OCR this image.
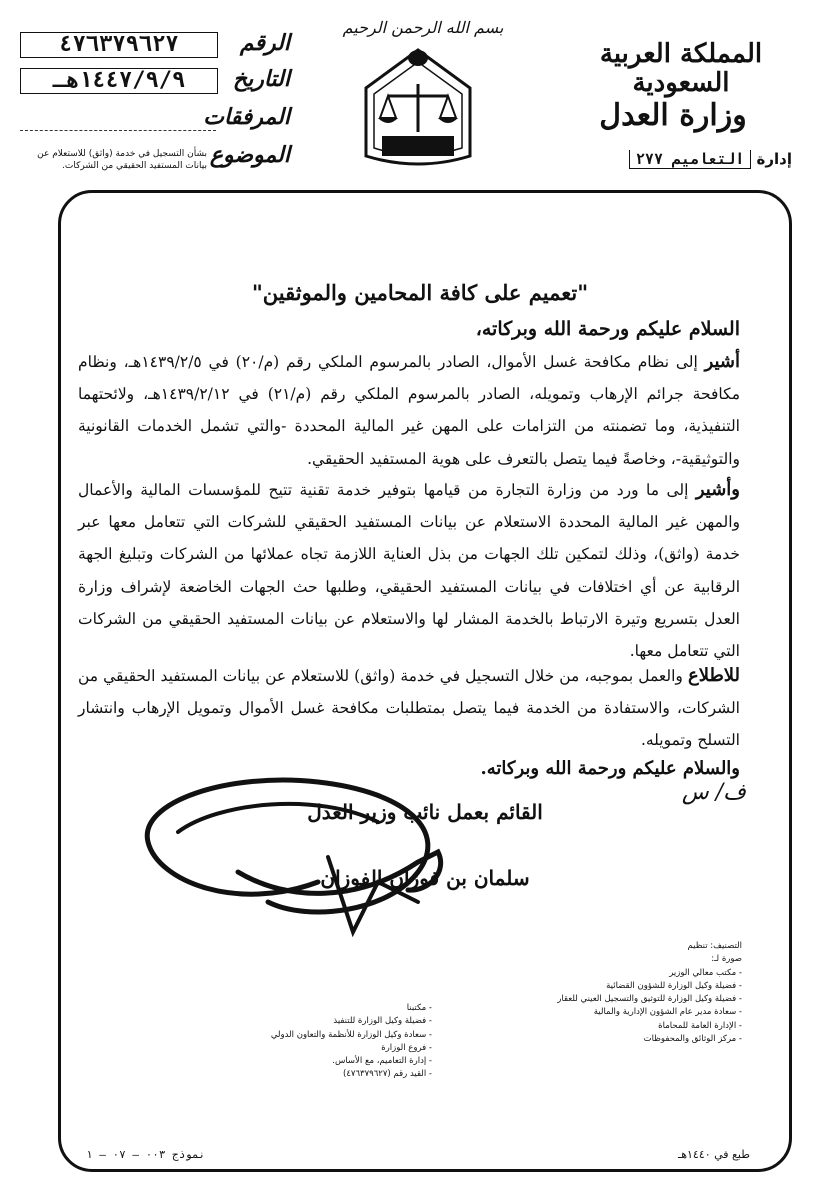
بسم الله الرحمن الرحيم
المملكة العربية السعودية
وزارة العدل
إدارة التعاميم ٢٧٧
الرقم
٤٧٦٣٧٩٦٢٧
التاريخ
١٤٤٧/٩/٩هـ
المرفقات
الموضوع
بشأن التسجيل في خدمة (واثق) للاستعلام عن بيانات المستفيد الحقيقي من الشركات.
"تعميم على كافة المحامين والموثقين"
السلام عليكم ورحمة الله وبركاته،
أشير إلى نظام مكافحة غسل الأموال، الصادر بالمرسوم الملكي رقم (م/٢٠) في ١٤٣٩/٢/٥هـ، ونظام مكافحة جرائم الإرهاب وتمويله، الصادر بالمرسوم الملكي رقم (م/٢١) في ١٤٣٩/٢/١٢هـ، ولائحتهما التنفيذية، وما تضمنته من التزامات على المهن غير المالية المحددة -والتي تشمل الخدمات القانونية والتوثيقية-، وخاصةً فيما يتصل بالتعرف على هوية المستفيد الحقيقي.
وأشير إلى ما ورد من وزارة التجارة من قيامها بتوفير خدمة تقنية تتيح للمؤسسات المالية والأعمال والمهن غير المالية المحددة الاستعلام عن بيانات المستفيد الحقيقي للشركات التي تتعامل معها عبر خدمة (واثق)، وذلك لتمكين تلك الجهات من بذل العناية اللازمة تجاه عملائها من الشركات وتبليغ الجهة الرقابية عن أي اختلافات في بيانات المستفيد الحقيقي، وطلبها حث الجهات الخاضعة لإشراف وزارة العدل بتسريع وتيرة الارتباط بالخدمة المشار لها والاستعلام عن بيانات المستفيد الحقيقي من الشركات التي تتعامل معها.
للاطلاع والعمل بموجبه، من خلال التسجيل في خدمة (واثق) للاستعلام عن بيانات المستفيد الحقيقي من الشركات، والاستفادة من الخدمة فيما يتصل بمتطلبات مكافحة غسل الأموال وتمويل الإرهاب وانتشار التسلح وتمويله.
والسلام عليكم ورحمة الله وبركاته.
ف/ س
القائم بعمل نائب وزير العدل
سلمان بن فوزان الفوزان
التصنيف: تنظيم
صورة لـ:
- مكتب معالي الوزير
- فضيلة وكيل الوزارة للشؤون القضائية
- فضيلة وكيل الوزارة للتوثيق والتسجيل العيني للعقار
- سعادة مدير عام الشؤون الإدارية والمالية
- الإدارة العامة للمحاماة
- مركز الوثائق والمحفوظات
- مكتبنا
- فضيلة وكيل الوزارة للتنفيذ
- سعادة وكيل الوزارة للأنظمة والتعاون الدولي
- فروع الوزارة
- إدارة التعاميم، مع الأساس.
- القيد رقم (٤٧٦٣٧٩٦٢٧)
نموذج ٠٠٣ – ٠٧ – ١	طبع في ١٤٤٠هـ
